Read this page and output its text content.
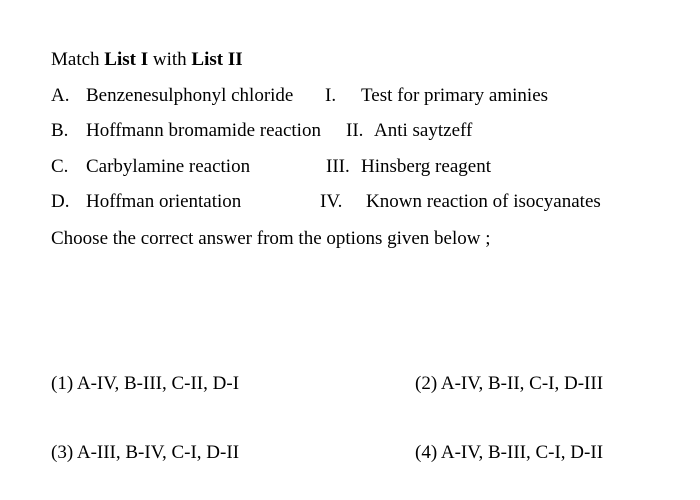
Match List I with List II
A. Benzenesulphonyl chloride
B. Hoffmann bromamide reaction
C. Carbylamine reaction
D. Hoffman orientation
I. Test for primary aminies
II. Anti saytzeff
III. Hinsberg reagent
IV. Known reaction of isocyanates
Choose the correct answer from the options given below ;
(1) A-IV, B-III, C-II, D-I	(2) A-IV, B-II, C-I, D-III
(3) A-III, B-IV, C-I, D-II	(4) A-IV, B-III, C-I, D-II
